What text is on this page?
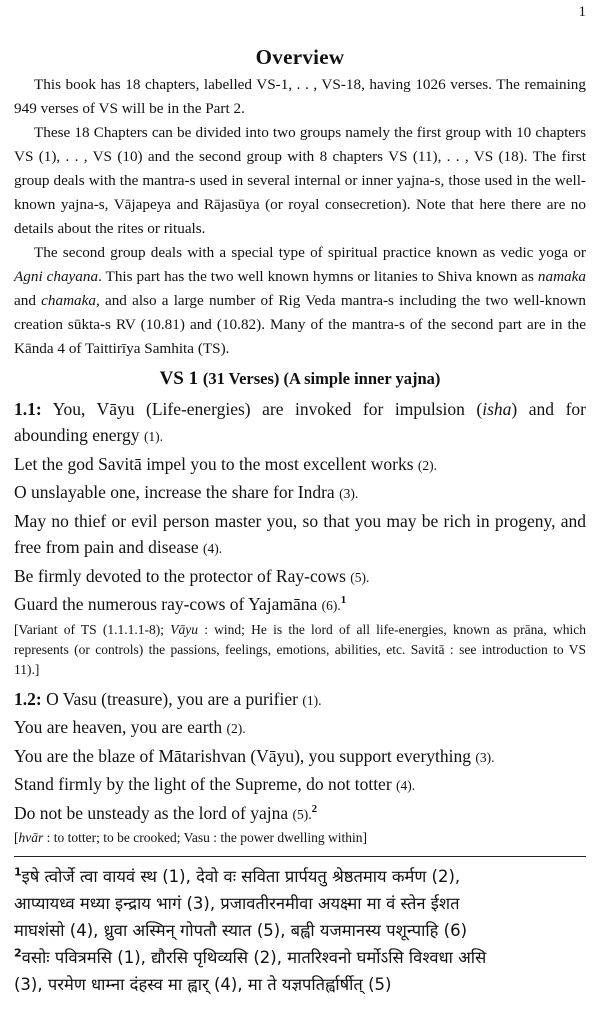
1
Overview

This book has 18 chapters, labelled VS-1, . . , VS-18, having 1026 verses. The remaining 949 verses of VS will be in the Part 2.

These 18 Chapters can be divided into two groups namely the first group with 10 chapters VS (1), . . , VS (10) and the second group with 8 chapters VS (11), . . , VS (18). The first group deals with the mantra-s used in several internal or inner yajna-s, those used in the well-known yajna-s, Vājapeya and Rājasūya (or royal consecretion). Note that here there are no details about the rites or rituals.

The second group deals with a special type of spiritual practice known as vedic yoga or Agni chayana. This part has the two well known hymns or litanies to Shiva known as namaka and chamaka, and also a large number of Rig Veda mantra-s including the two well-known creation sūkta-s RV (10.81) and (10.82). Many of the mantra-s of the second part are in the Kānda 4 of Taittirīya Samhita (TS).

VS 1 (31 Verses) (A simple inner yajna)

1.1: You, Vāyu (Life-energies) are invoked for impulsion (isha) and for abounding energy (1).

Let the god Savitā impel you to the most excellent works (2).

O unslayable one, increase the share for Indra (3).

May no thief or evil person master you, so that you may be rich in progeny, and free from pain and disease (4).

Be firmly devoted to the protector of Ray-cows (5).

Guard the numerous ray-cows of Yajamāna (6).$^1$

[Variant of TS (1.1.1.1-8); Vāyu : wind; He is the lord of all life-energies, known as prāna, which represents (or controls) the passions, feelings, emotions, abilities, etc. Savitā : see introduction to VS 11).]

1.2: O Vasu (treasure), you are a purifier (1).

You are heaven, you are earth (2).

You are the blaze of Mātarishvan (Vāyu), you support everything (3).

Stand firmly by the light of the Supreme, do not totter (4).

Do not be unsteady as the lord of yajna (5).$^2$

[hvār : to totter; to be crooked; Vasu : the power dwelling within]

$^1$इषे त्वोर्जे त्वा वायवं स्थ (1), देवो वः सविता प्रार्पयतु श्रेष्ठतमाय कर्मण (2),

आप्यायध्व मध्या इन्द्राय भागं (3), प्रजावतीरनमीवा अयक्ष्मा मा वं स्तेन ईशत

माघशंसो (4), ध्रुवा अस्मिन् गोपतौ स्यात (5), बह्वी यजमानस्य पशून्पाहि (6)

$^2$वसोः पवित्रमसि (1), द्यौरसि पृथिव्यसि (2), मातरिश्वनो घर्मोऽसि विश्वधा असि

(3), परमेण धाम्ना दंहस्व मा ह्वार् (4), मा ते यज्ञपतिर्ह्वार्षीत् (5)
